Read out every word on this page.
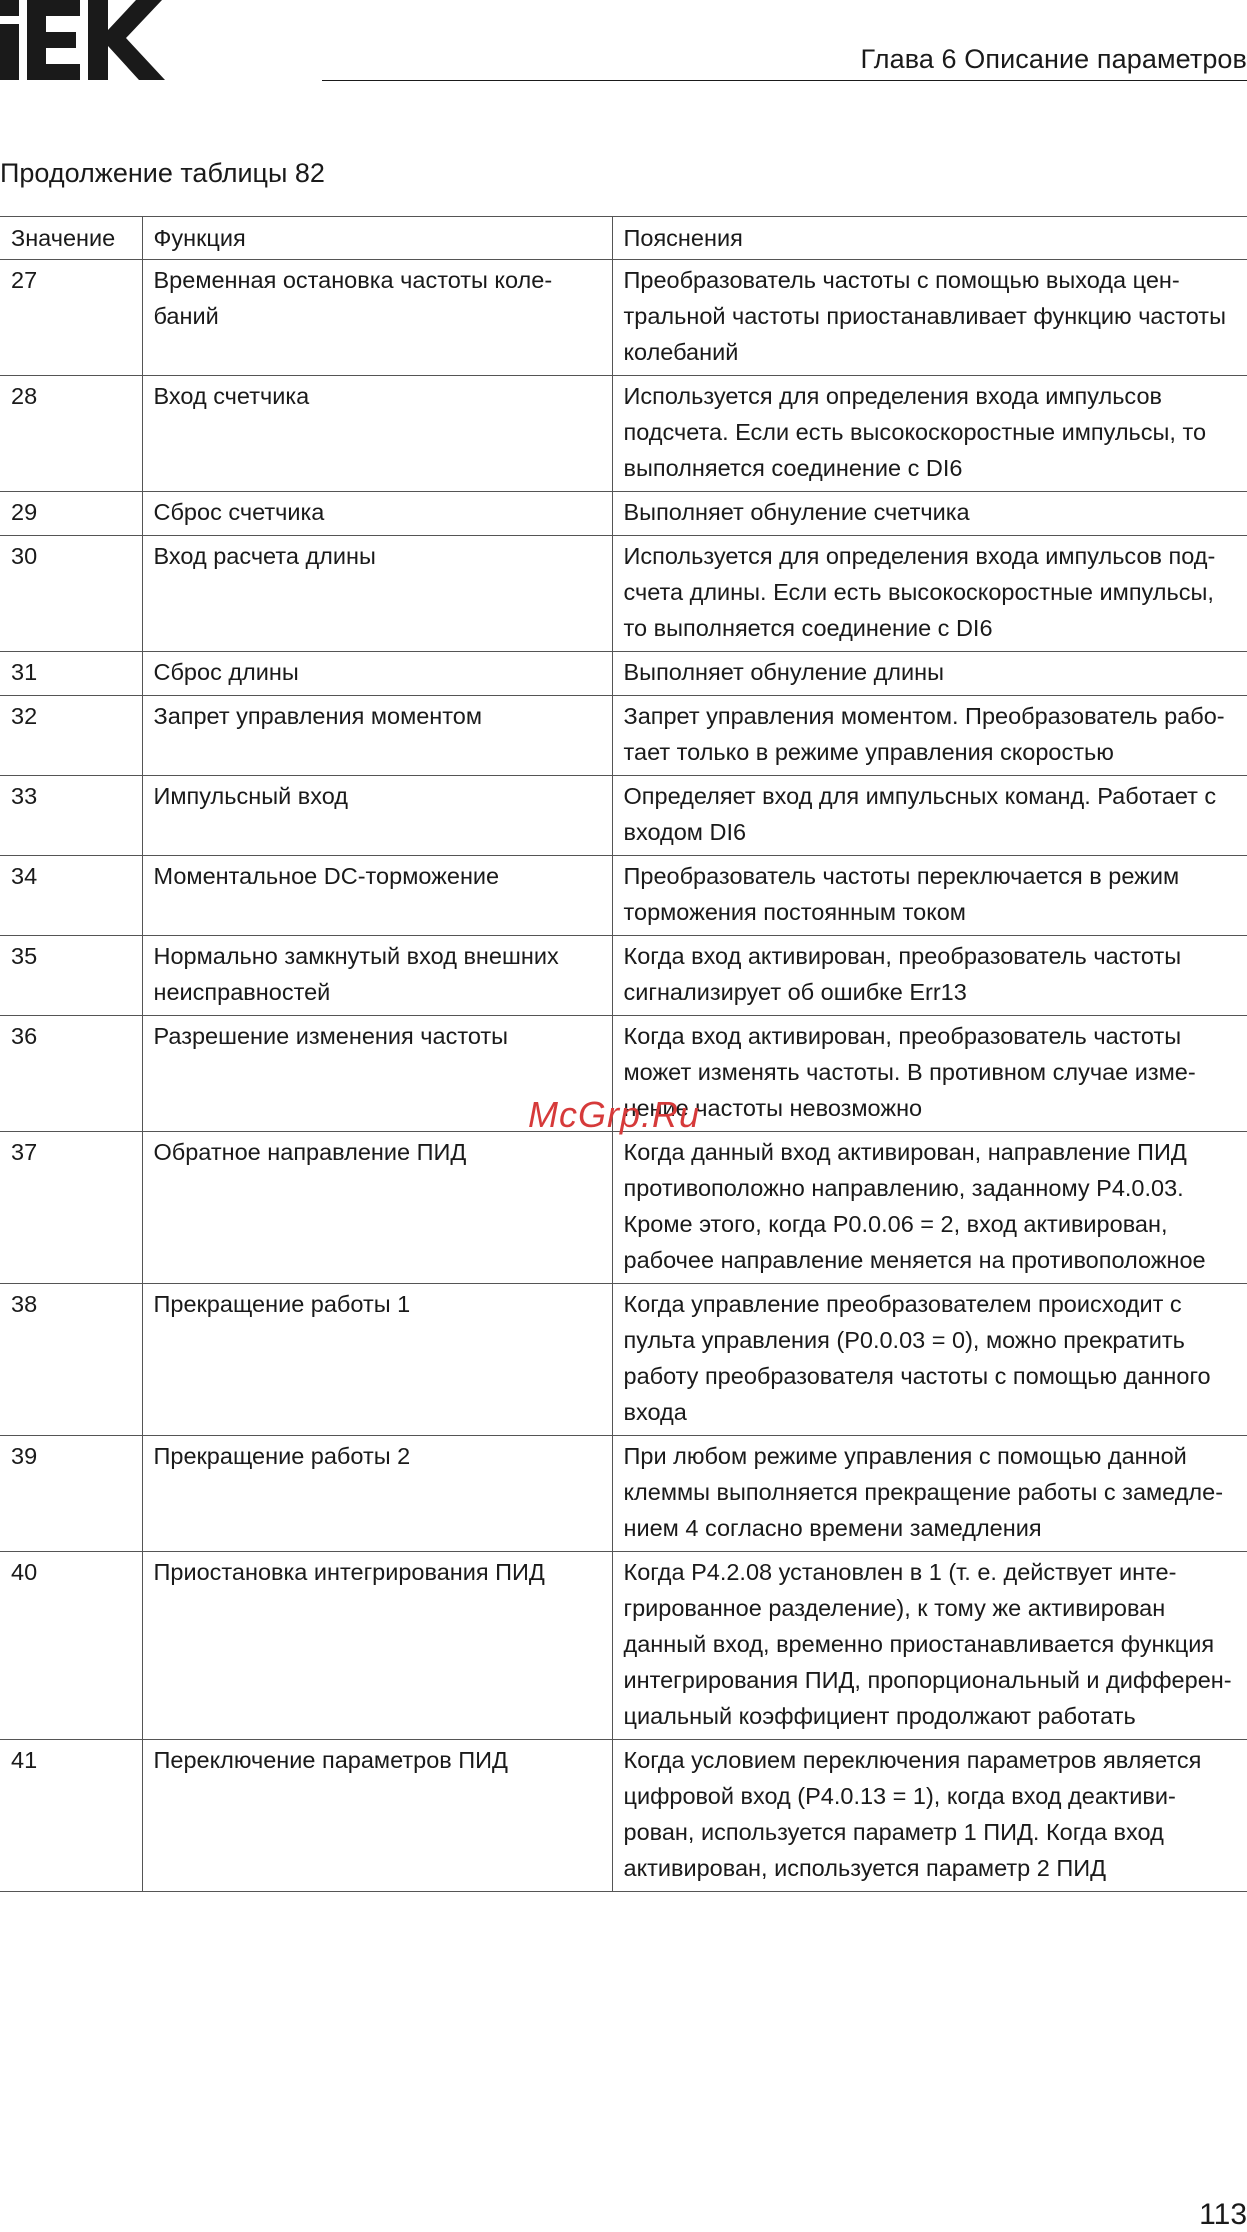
Глава 6 Описание параметров
Продолжение таблицы 82
Значение	Функция	Пояснения
27	Временная остановка частоты коле-баний	Преобразователь частоты с помощью выхода цен-тральной частоты приостанавливает функцию частоты колебаний
28	Вход счетчика	Используется для определения входа импульсов подсчета. Если есть высокоскоростные импульсы, то выполняется соединение с DI6
29	Сброс счетчика	Выполняет обнуление счетчика
30	Вход расчета длины	Используется для определения входа импульсов под-счета длины. Если есть высокоскоростные импульсы, то выполняется соединение с DI6
31	Сброс длины	Выполняет обнуление длины
32	Запрет управления моментом	Запрет управления моментом. Преобразователь рабо-тает только в режиме управления скоростью
33	Импульсный вход	Определяет вход для импульсных команд. Работает с входом DI6
34	Моментальное DC-торможение	Преобразователь частоты переключается в режим торможения постоянным током
35	Нормально замкнутый вход внешних неисправностей	Когда вход активирован, преобразователь частоты сигнализирует об ошибке Err13
36	Разрешение изменения частоты	Когда вход активирован, преобразователь частоты может изменять частоты. В противном случае изме-нение частоты невозможно
37	Обратное направление ПИД	Когда данный вход активирован, направление ПИД противоположно направлению, заданному P4.0.03. Кроме этого, когда P0.0.06 = 2, вход активирован, рабочее направление меняется на противоположное
38	Прекращение работы 1	Когда управление преобразователем происходит с пульта управления (P0.0.03 = 0), можно прекратить работу преобразователя частоты с помощью данного входа
39	Прекращение работы 2	При любом режиме управления с помощью данной клеммы выполняется прекращение работы с замедле-нием 4 согласно времени замедления
40	Приостановка интегрирования ПИД	Когда P4.2.08 установлен в 1 (т. е. действует инте-грированное разделение), к тому же активирован данный вход, временно приостанавливается функция интегрирования ПИД, пропорциональный и дифферен-циальный коэффициент продолжают работать
41	Переключение параметров ПИД	Когда условием переключения параметров является цифровой вход (P4.0.13 = 1), когда вход деактиви-рован, используется параметр 1 ПИД. Когда вход активирован, используется параметр 2 ПИД
McGrp.Ru
113
